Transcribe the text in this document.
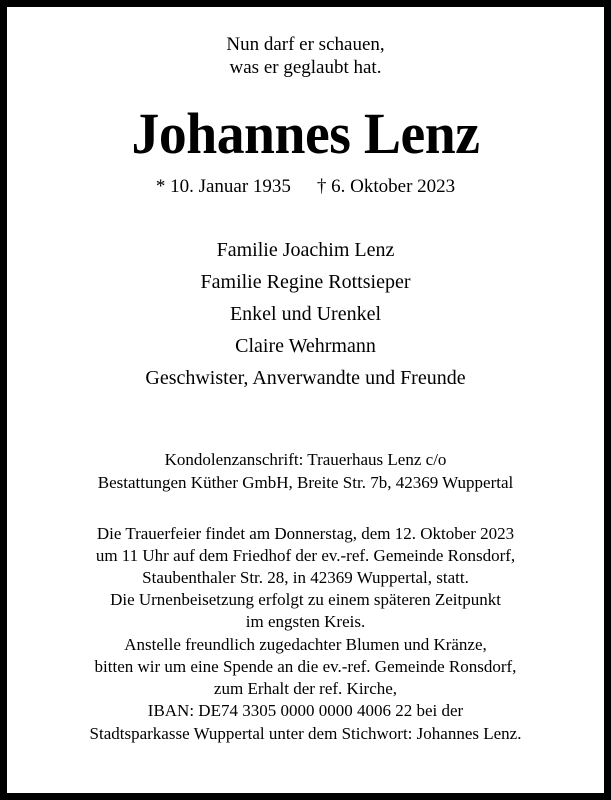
Nun darf er schauen,
was er geglaubt hat.
Johannes Lenz
* 10. Januar 1935 † 6. Oktober 2023
Familie Joachim Lenz
Familie Regine Rottsieper
Enkel und Urenkel
Claire Wehrmann
Geschwister, Anverwandte und Freunde
Kondolenzanschrift: Trauerhaus Lenz c/o
Bestattungen Küther GmbH, Breite Str. 7b, 42369 Wuppertal
Die Trauerfeier findet am Donnerstag, dem 12. Oktober 2023
um 11 Uhr auf dem Friedhof der ev.-ref. Gemeinde Ronsdorf,
Staubenthaler Str. 28, in 42369 Wuppertal, statt.
Die Urnenbeisetzung erfolgt zu einem späteren Zeitpunkt
im engsten Kreis.
Anstelle freundlich zugedachter Blumen und Kränze,
bitten wir um eine Spende an die ev.-ref. Gemeinde Ronsdorf,
zum Erhalt der ref. Kirche,
IBAN: DE74 3305 0000 0000 4006 22 bei der
Stadtsparkasse Wuppertal unter dem Stichwort: Johannes Lenz.
